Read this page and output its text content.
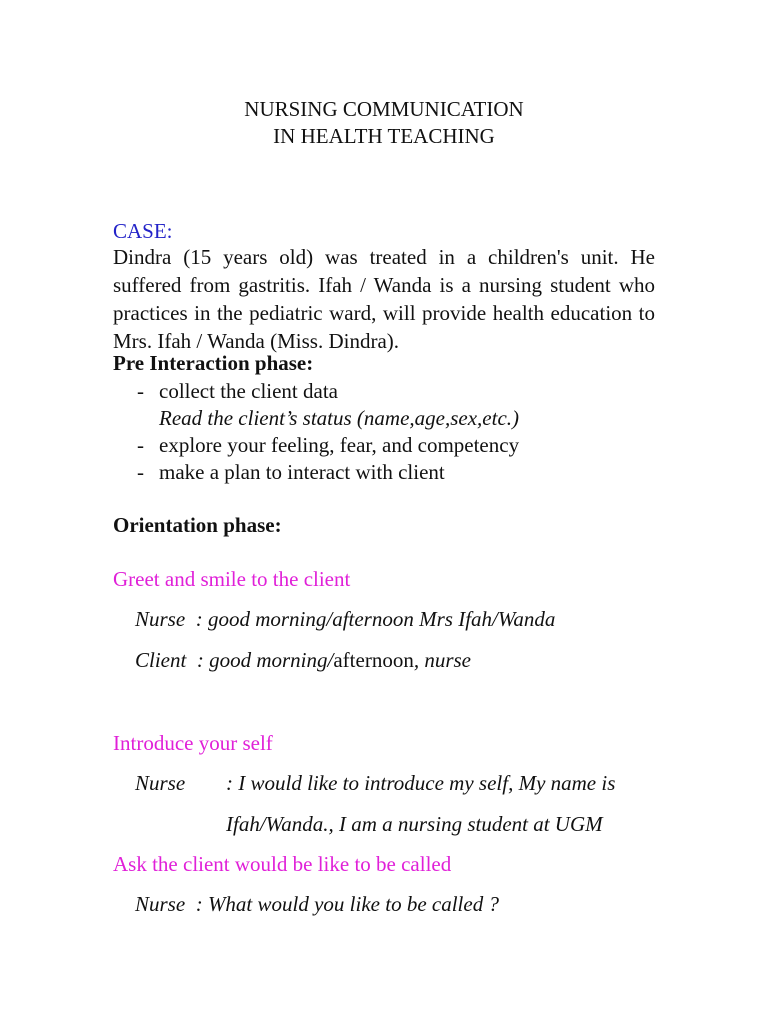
NURSING COMMUNICATION
IN HEALTH TEACHING
CASE:
Dindra (15 years old) was treated in a children's unit. He suffered from gastritis. Ifah / Wanda is a nursing student who practices in the pediatric ward, will provide health education to Mrs. Ifah / Wanda (Miss. Dindra).
Pre Interaction phase:
- collect the client data
Read the client’s status (name,age,sex,etc.)
- explore your feeling, fear, and competency
- make a plan to interact with client
Orientation phase:
Greet and smile to the client
Nurse  : good morning/afternoon Mrs Ifah/Wanda
Client  : good morning/afternoon, nurse
Introduce your self
Nurse : I would like to introduce my self, My name is
Ifah/Wanda., I am a nursing student at UGM
Ask the client would be like to be called
Nurse  : What would you like to be called ?
